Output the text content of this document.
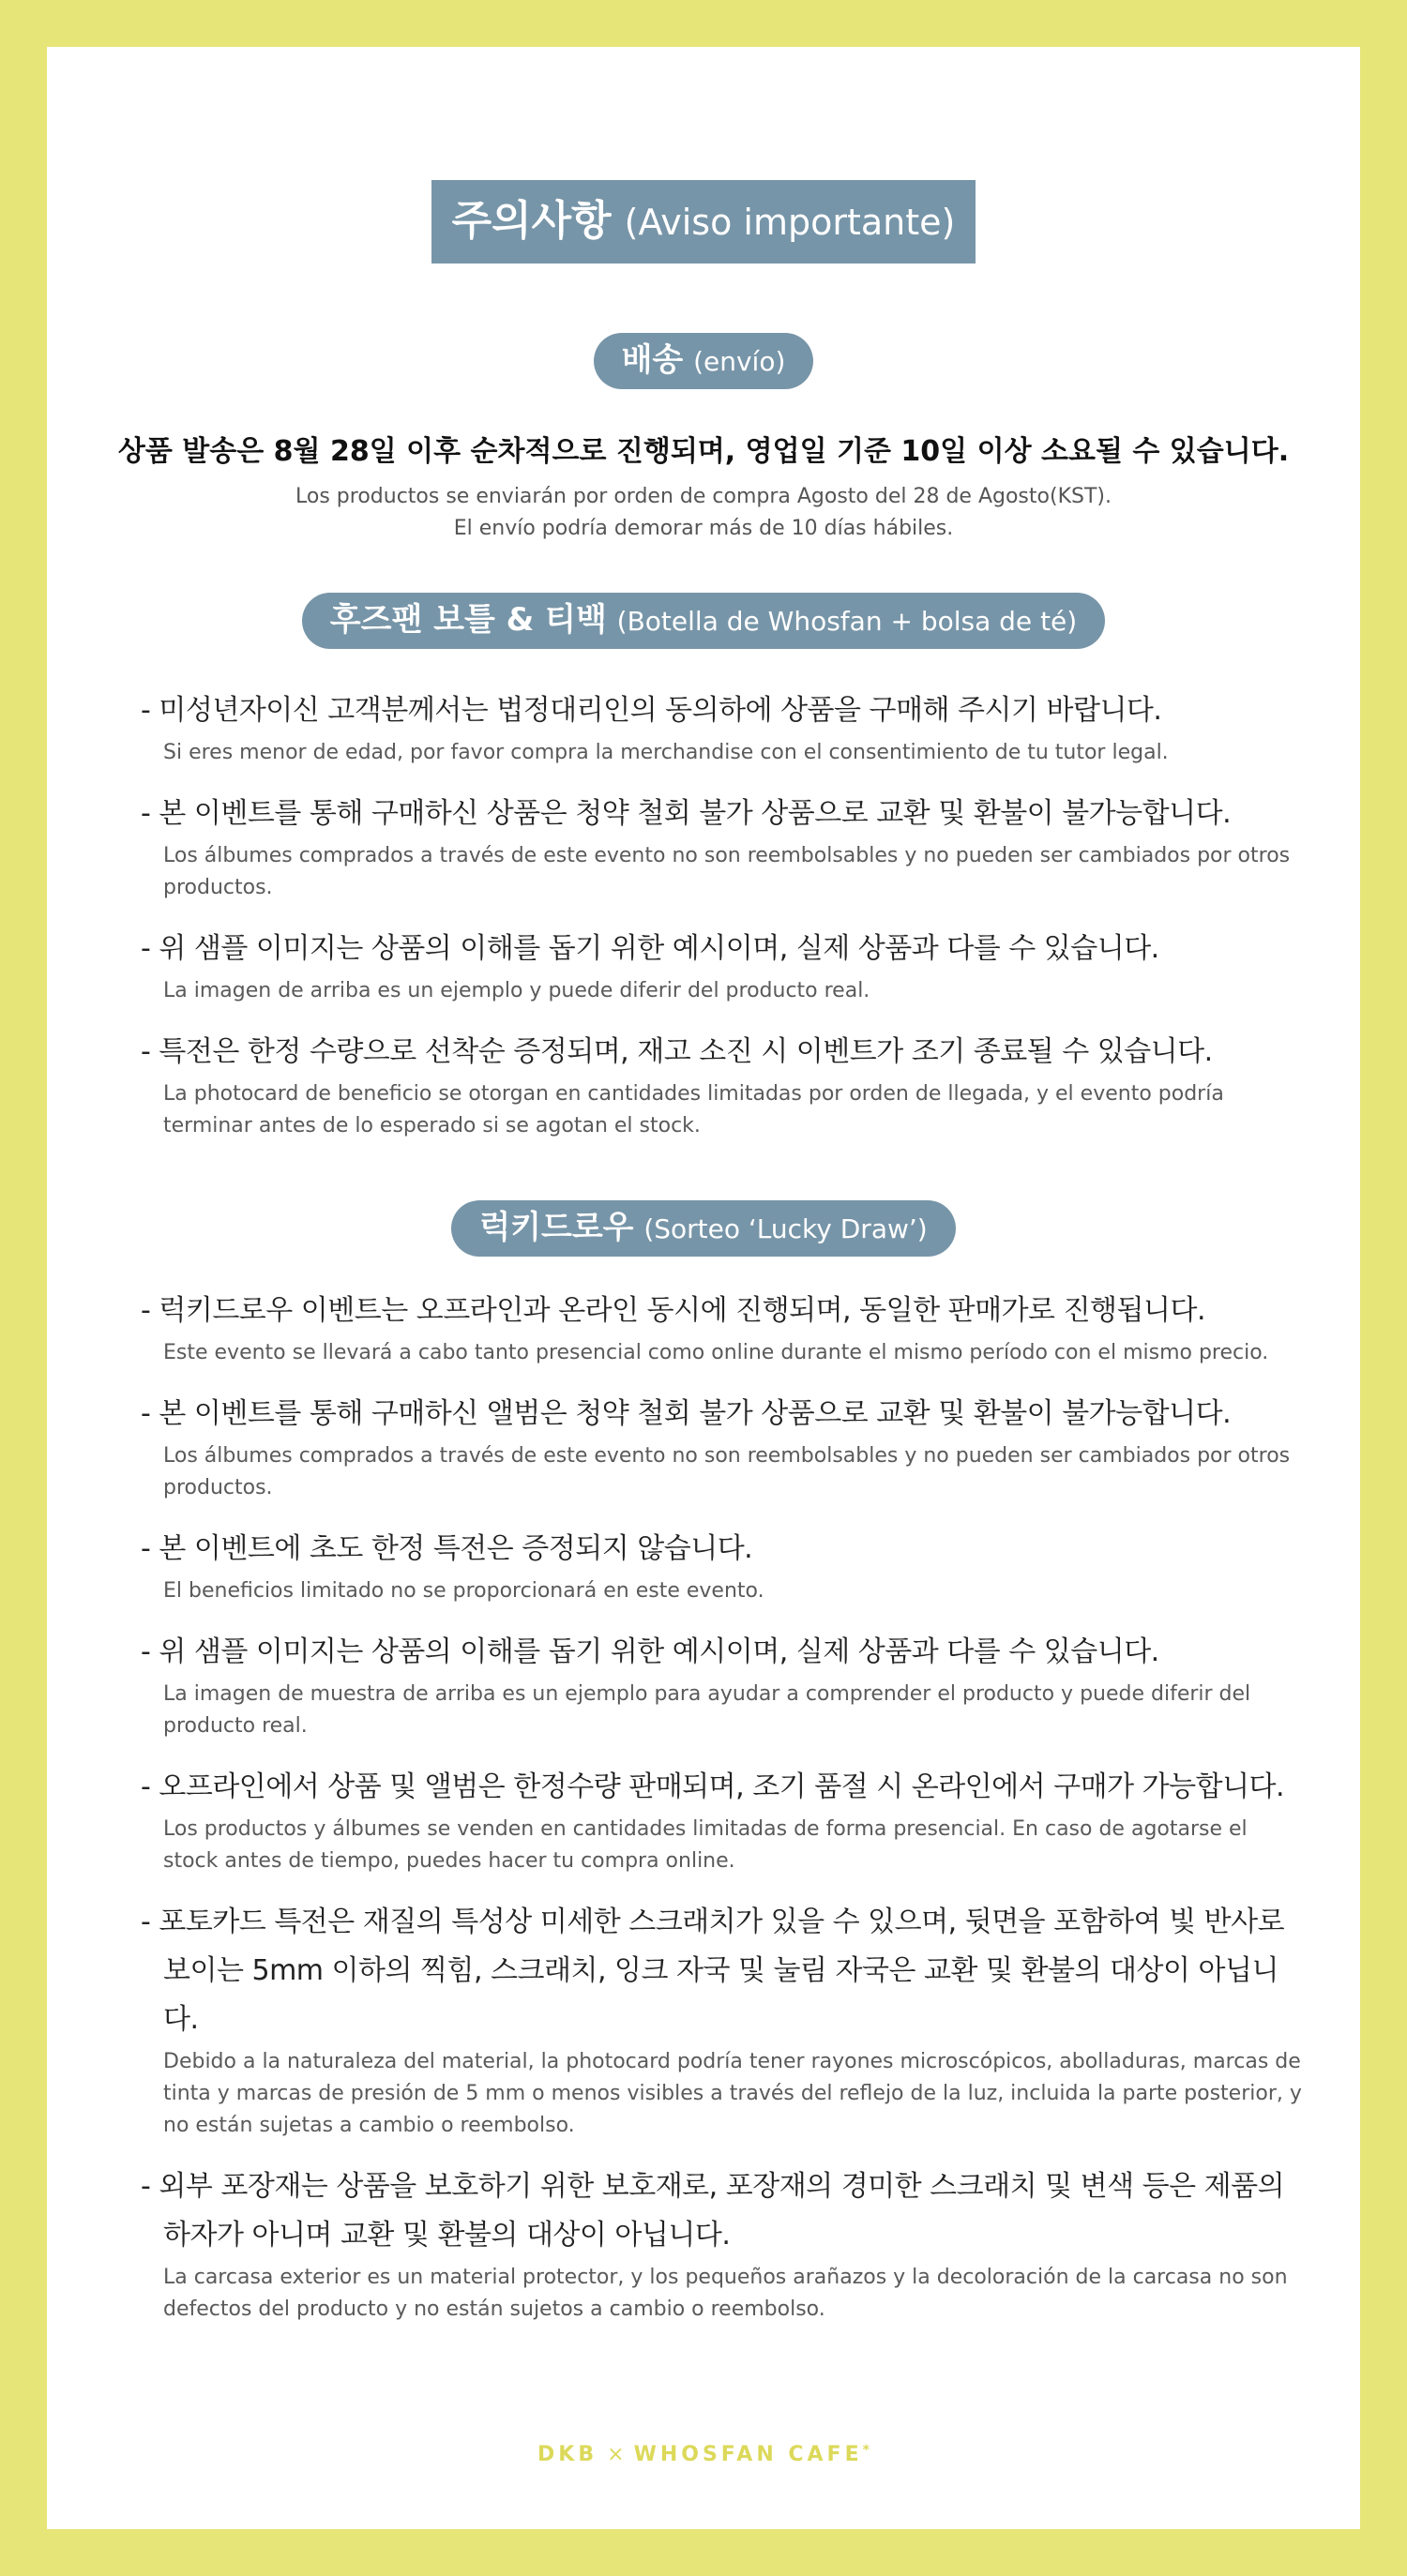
주의사항 (Aviso importante)
배송 (envío)
상품 발송은 8월 28일 이후 순차적으로 진행되며, 영업일 기준 10일 이상 소요될 수 있습니다.
Los productos se enviarán por orden de compra Agosto del 28 de Agosto(KST).
El envío podría demorar más de 10 días hábiles.
후즈팬 보틀 & 티백 (Botella de Whosfan + bolsa de té)
- 미성년자이신 고객분께서는 법정대리인의 동의하에 상품을 구매해 주시기 바랍니다.
Si eres menor de edad, por favor compra la merchandise con el consentimiento de tu tutor legal.
- 본 이벤트를 통해 구매하신 상품은 청약 철회 불가 상품으로 교환 및 환불이 불가능합니다.
Los álbumes comprados a través de este evento no son reembolsables y no pueden ser cambiados por otros productos.
- 위 샘플 이미지는 상품의 이해를 돕기 위한 예시이며, 실제 상품과 다를 수 있습니다.
La imagen de arriba es un ejemplo y puede diferir del producto real.
- 특전은 한정 수량으로 선착순 증정되며, 재고 소진 시 이벤트가 조기 종료될 수 있습니다.
La photocard de beneficio se otorgan en cantidades limitadas por orden de llegada, y el evento podría terminar antes de lo esperado si se agotan el stock.
럭키드로우 (Sorteo ‘Lucky Draw’)
- 럭키드로우 이벤트는 오프라인과 온라인 동시에 진행되며, 동일한 판매가로 진행됩니다.
Este evento se llevará a cabo tanto presencial como online durante el mismo período con el mismo precio.
- 본 이벤트를 통해 구매하신 앨범은 청약 철회 불가 상품으로 교환 및 환불이 불가능합니다.
Los álbumes comprados a través de este evento no son reembolsables y no pueden ser cambiados por otros productos.
- 본 이벤트에 초도 한정 특전은 증정되지 않습니다.
El beneficios limitado no se proporcionará en este evento.
- 위 샘플 이미지는 상품의 이해를 돕기 위한 예시이며, 실제 상품과 다를 수 있습니다.
La imagen de muestra de arriba es un ejemplo para ayudar a comprender el producto y puede diferir del producto real.
- 오프라인에서 상품 및 앨범은 한정수량 판매되며, 조기 품절 시 온라인에서 구매가 가능합니다.
Los productos y álbumes se venden en cantidades limitadas de forma presencial. En caso de agotarse el stock antes de tiempo, puedes hacer tu compra online.
- 포토카드 특전은 재질의 특성상 미세한 스크래치가 있을 수 있으며, 뒷면을 포함하여 빛 반사로 보이는 5mm 이하의 찍힘, 스크래치, 잉크 자국 및 눌림 자국은 교환 및 환불의 대상이 아닙니다.
Debido a la naturaleza del material, la photocard podría tener rayones microscópicos, abolladuras, marcas de tinta y marcas de presión de 5 mm o menos visibles a través del reflejo de la luz, incluida la parte posterior, y no están sujetas a cambio o reembolso.
- 외부 포장재는 상품을 보호하기 위한 보호재로, 포장재의 경미한 스크래치 및 변색 등은 제품의 하자가 아니며 교환 및 환불의 대상이 아닙니다.
La carcasa exterior es un material protector, y los pequeños arañazos y la decoloración de la carcasa no son defectos del producto y no están sujetos a cambio o reembolso.
DKB × WHOSFAN CAFE*
